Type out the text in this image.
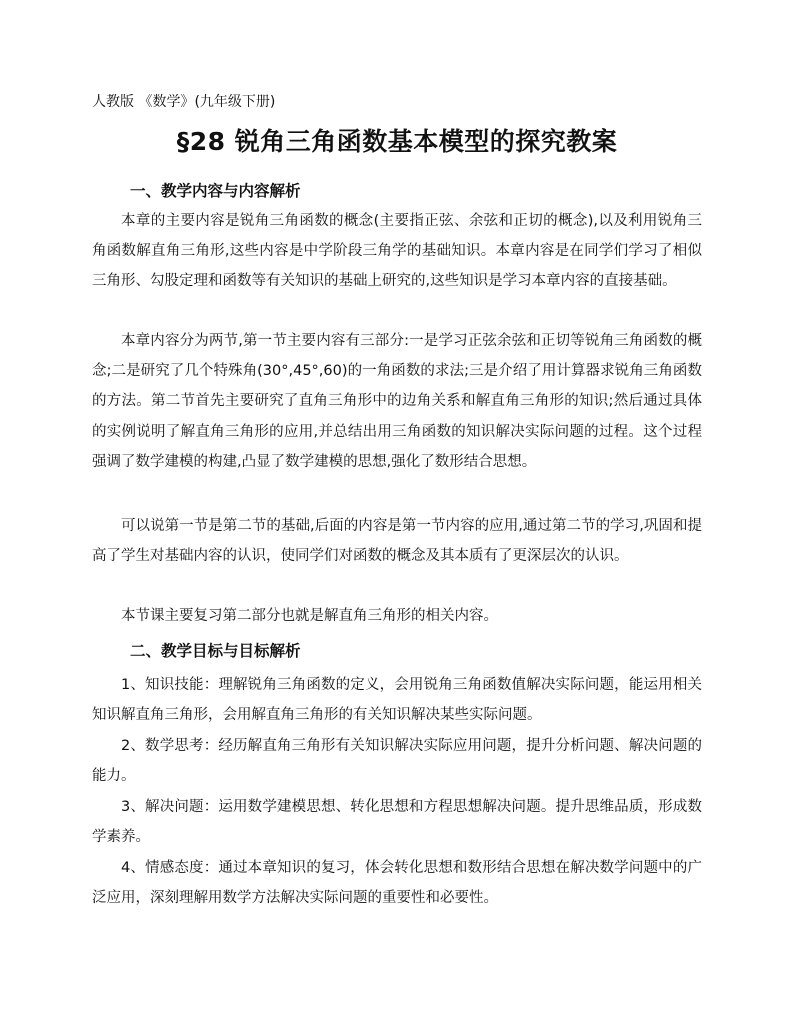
人教版 《数学》(九年级下册)
§28 锐角三角函数基本模型的探究教案
一、教学内容与内容解析
本章的主要内容是锐角三角函数的概念(主要指正弦、余弦和正切的概念),以及利用锐角三角函数解直角三角形,这些内容是中学阶段三角学的基础知识。本章内容是在同学们学习了相似三角形、勾股定理和函数等有关知识的基础上研究的,这些知识是学习本章内容的直接基础。
本章内容分为两节,第一节主要内容有三部分:一是学习正弦余弦和正切等锐角三角函数的概念;二是研究了几个特殊角(30°,45°,60)的一角函数的求法;三是介绍了用计算器求锐角三角函数的方法。第二节首先主要研究了直角三角形中的边角关系和解直角三角形的知识;然后通过具体的实例说明了解直角三角形的应用,并总结出用三角函数的知识解决实际问题的过程。这个过程强调了数学建模的构建,凸显了数学建模的思想,强化了数形结合思想。
可以说第一节是第二节的基础,后面的内容是第一节内容的应用,通过第二节的学习,巩固和提高了学生对基础内容的认识，使同学们对函数的概念及其本质有了更深层次的认识。
本节课主要复习第二部分也就是解直角三角形的相关内容。
二、教学目标与目标解析
1、知识技能：理解锐角三角函数的定义，会用锐角三角函数值解决实际问题，能运用相关知识解直角三角形，会用解直角三角形的有关知识解决某些实际问题。
2、数学思考：经历解直角三角形有关知识解决实际应用问题，提升分析问题、解决问题的能力。
3、解决问题：运用数学建模思想、转化思想和方程思想解决问题。提升思维品质，形成数学素养。
4、情感态度：通过本章知识的复习，体会转化思想和数形结合思想在解决数学问题中的广泛应用，深刻理解用数学方法解决实际问题的重要性和必要性。
